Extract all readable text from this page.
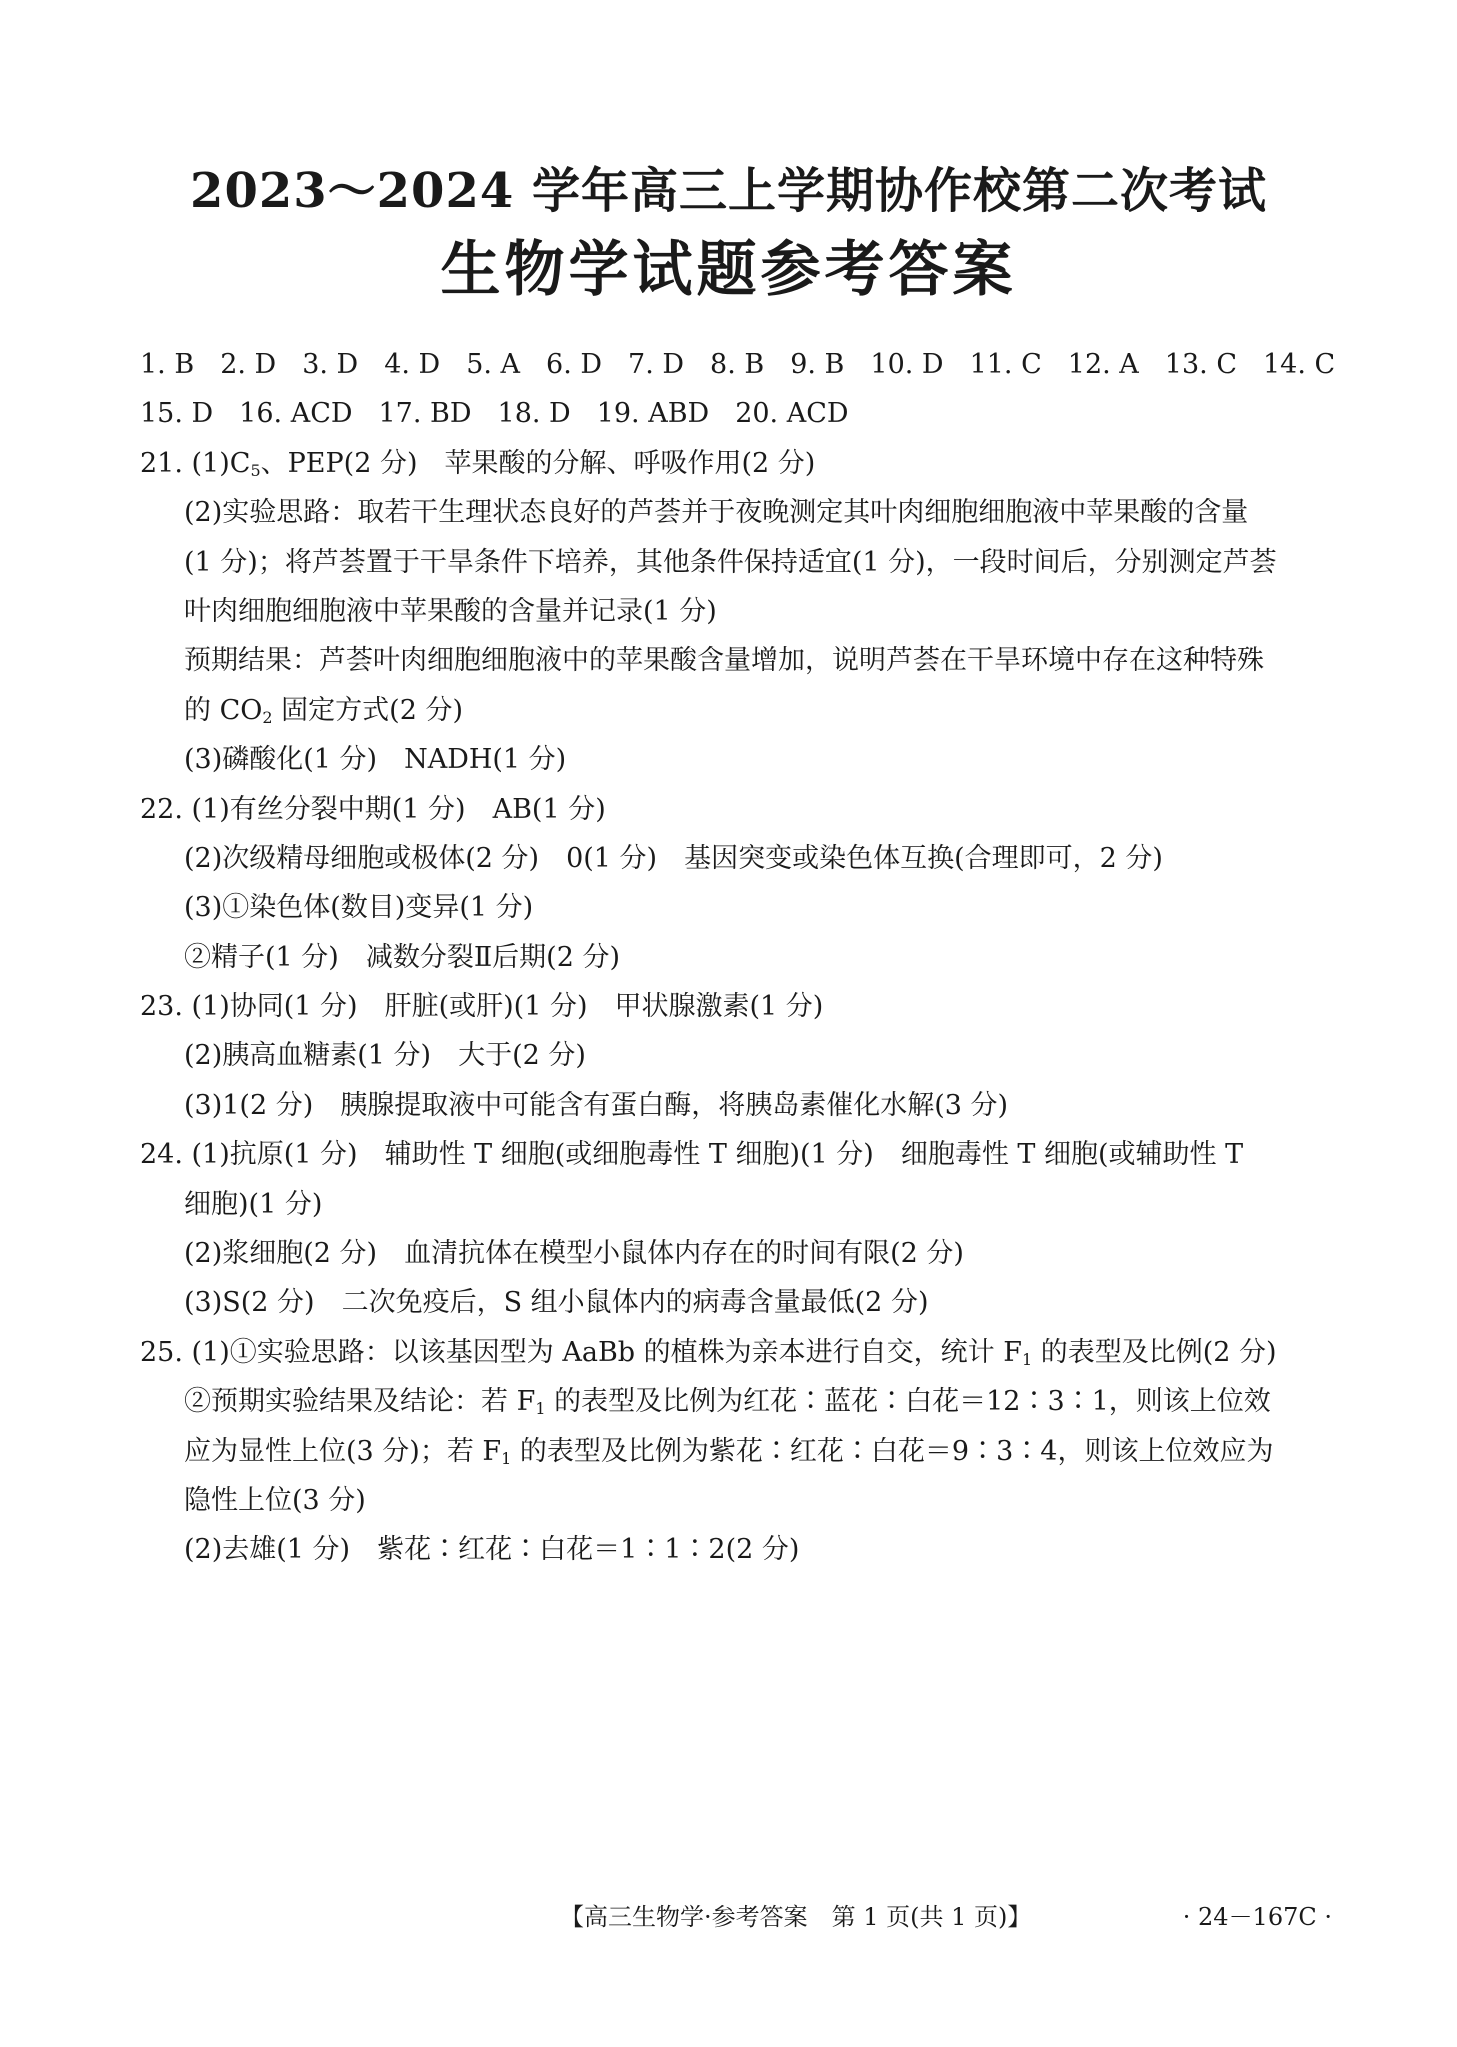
2023～2024 学年高三上学期协作校第二次考试
生物学试题参考答案
1. B 2. D 3. D 4. D 5. A 6. D 7. D 8. B 9. B 10. D 11. C 12. A 13. C 14. C
15. D 16. ACD 17. BD 18. D 19. ABD 20. ACD
21. $(1)C_5$、PEP(2 分)　苹果酸的分解、呼吸作用(2 分)
(2)实验思路：取若干生理状态良好的芦荟并于夜晚测定其叶肉细胞细胞液中苹果酸的含量
(1 分)；将芦荟置于干旱条件下培养，其他条件保持适宜(1 分)，一段时间后，分别测定芦荟
叶肉细胞细胞液中苹果酸的含量并记录(1 分)
预期结果：芦荟叶肉细胞细胞液中的苹果酸含量增加，说明芦荟在干旱环境中存在这种特殊
的 $CO_2$ 固定方式(2 分)
(3)磷酸化(1 分)　NADH(1 分)
22. (1)有丝分裂中期(1 分)　AB(1 分)
(2)次级精母细胞或极体(2 分)　0(1 分)　基因突变或染色体互换(合理即可，2 分)
(3)①染色体(数目)变异(1 分)
②精子(1 分)　减数分裂Ⅱ后期(2 分)
23. (1)协同(1 分)　肝脏(或肝)(1 分)　甲状腺激素(1 分)
(2)胰高血糖素(1 分)　大于(2 分)
(3)1(2 分)　胰腺提取液中可能含有蛋白酶，将胰岛素催化水解(3 分)
24. (1)抗原(1 分)　辅助性 T 细胞(或细胞毒性 T 细胞)(1 分)　细胞毒性 T 细胞(或辅助性 T
细胞)(1 分)
(2)浆细胞(2 分)　血清抗体在模型小鼠体内存在的时间有限(2 分)
(3)S(2 分)　二次免疫后，S 组小鼠体内的病毒含量最低(2 分)
25. (1)①实验思路：以该基因型为 AaBb 的植株为亲本进行自交，统计 $F_1$ 的表型及比例(2 分)
②预期实验结果及结论：若 $F_1$ 的表型及比例为红花∶蓝花∶白花＝12∶3∶1，则该上位效
应为显性上位(3 分)；若 $F_1$ 的表型及比例为紫花∶红花∶白花＝9∶3∶4，则该上位效应为
隐性上位(3 分)
(2)去雄(1 分)　紫花∶红花∶白花＝1∶1∶2(2 分)
【高三生物学·参考答案　第 1 页(共 1 页)】	· 24－167C ·
